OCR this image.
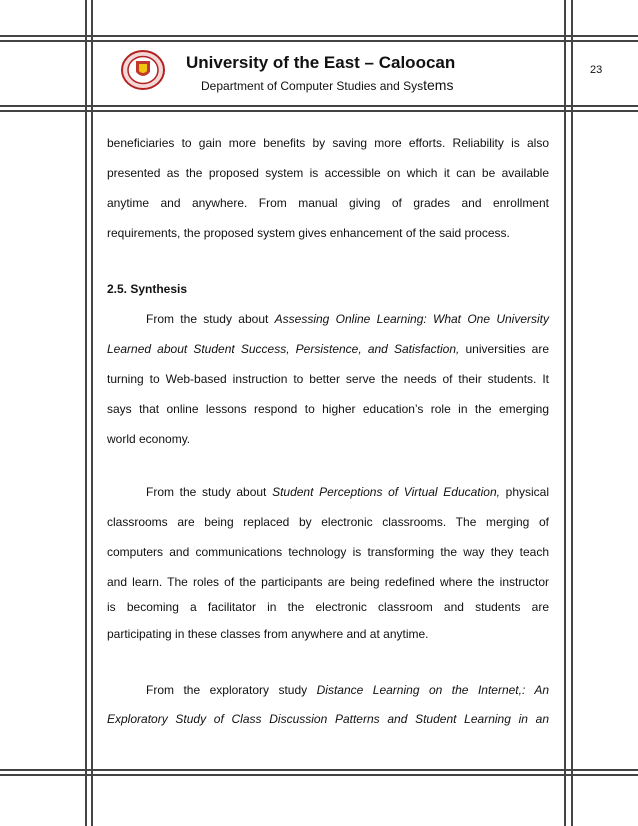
University of the East – Caloocan
Department of Computer Studies and Systems
23
beneficiaries to gain more benefits by saving more efforts. Reliability is also
presented as the proposed system is accessible on which it can be available
anytime and anywhere. From manual giving of grades and enrollment
requirements, the proposed system gives enhancement of the said process.
2.5. Synthesis
From the study about Assessing Online Learning: What One University
Learned about Student Success, Persistence, and Satisfaction, universities are
turning to Web-based instruction to better serve the needs of their students. It
says that online lessons respond to higher education’s role in the emerging
world economy.
From the study about Student Perceptions of Virtual Education, physical
classrooms are being replaced by electronic classrooms. The merging of
computers and communications technology is transforming the way they teach
and learn. The roles of the participants are being redefined where the instructor
is becoming a facilitator in the electronic classroom and students are
participating in these classes from anywhere and at anytime.
From the exploratory study Distance Learning on the Internet,: An
Exploratory Study of Class Discussion Patterns and Student Learning in an
